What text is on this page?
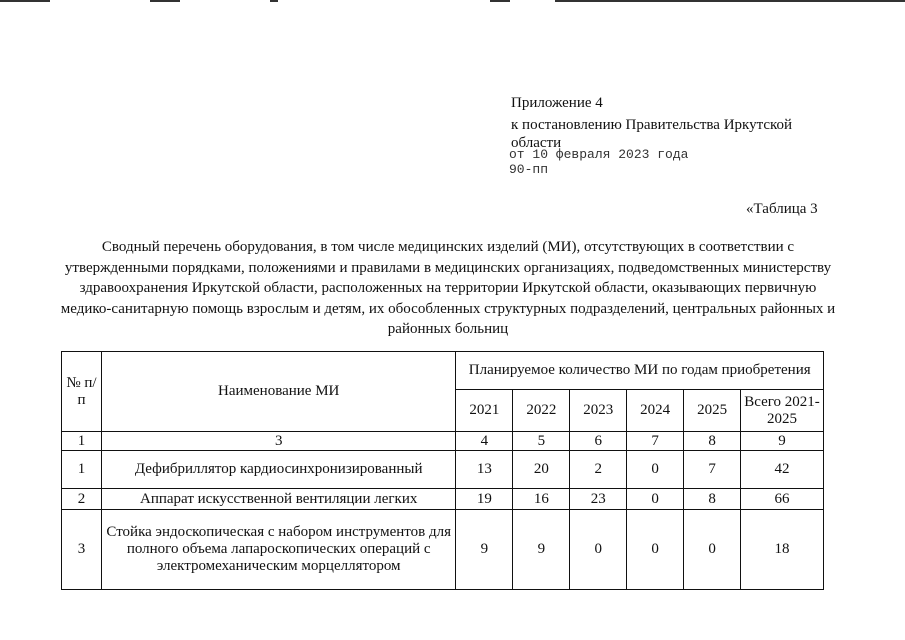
Приложение 4
к постановлению Правительства Иркутской
области
от 10 февраля 2023 года
90-пп
«Таблица 3
Сводный перечень оборудования, в том числе медицинских изделий (МИ), отсутствующих в соответствии с утвержденными порядками, положениями и правилами в медицинских организациях, подведомственных министерству здравоохранения Иркутской области, расположенных на территории Иркутской области, оказывающих первичную медико-санитарную помощь взрослым и детям, их обособленных структурных подразделений, центральных районных и районных больниц
№ п/п	Наименование МИ	Планируемое количество МИ по годам приобретения					
		2021	2022	2023	2024	2025	Всего 2021-2025
1	3	4	5	6	7	8	9
1	Дефибриллятор кардиосинхронизированный	13	20	2	0	7	42
2	Аппарат искусственной вентиляции легких	19	16	23	0	8	66
3	Стойка эндоскопическая с набором инструментов для полного объема лапароскопических операций с электромеханическим морцеллятором	9	9	0	0	0	18
